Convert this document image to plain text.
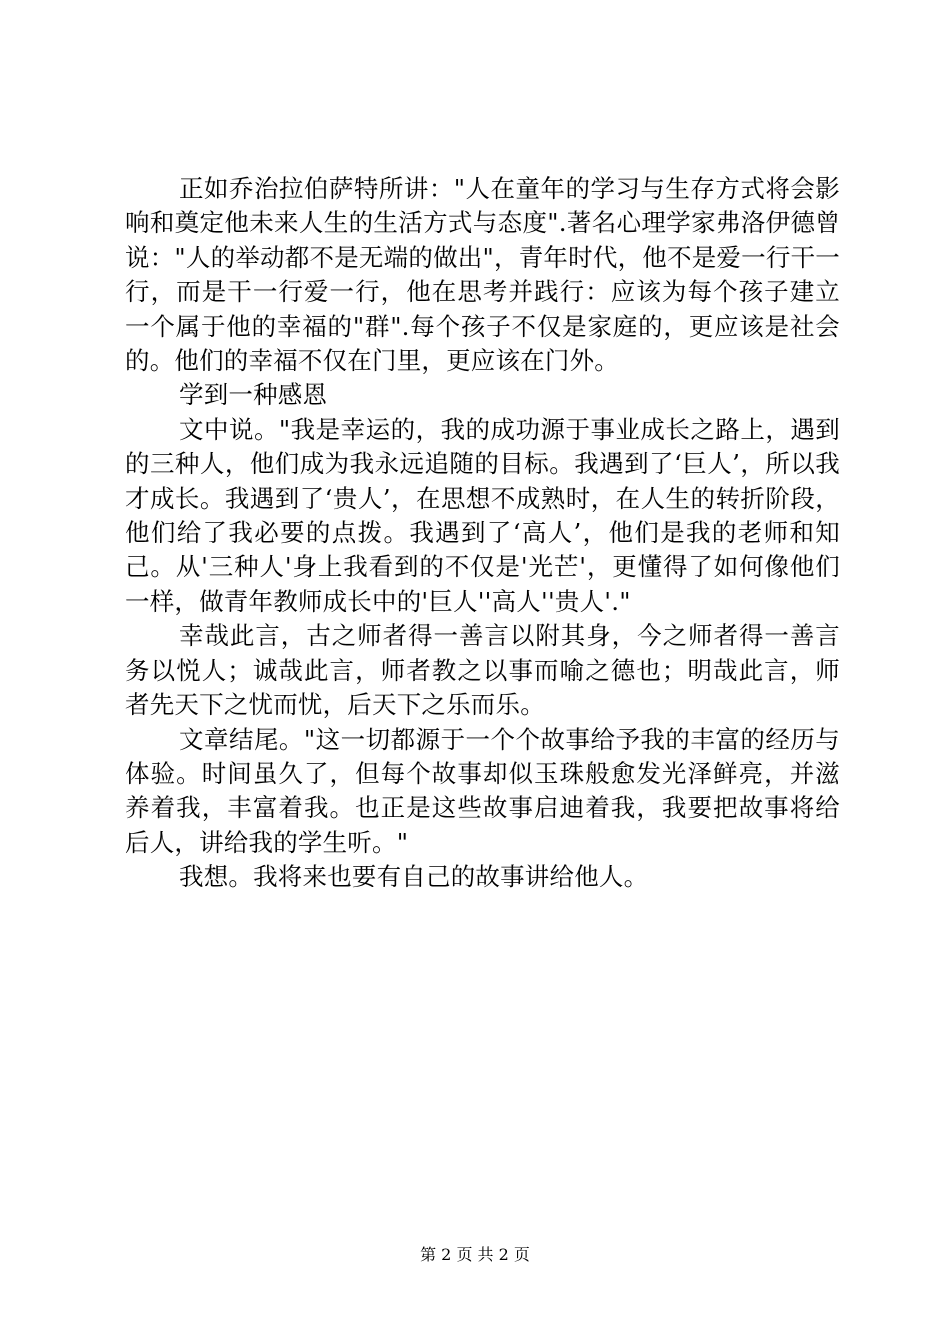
正如乔治拉伯萨特所讲："人在童年的学习与生存方式将会影响和奠定他未来人生的生活方式与态度".著名心理学家弗洛伊德曾说："人的举动都不是无端的做出"，青年时代，他不是爱一行干一行，而是干一行爱一行，他在思考并践行：应该为每个孩子建立一个属于他的幸福的"群".每个孩子不仅是家庭的，更应该是社会的。他们的幸福不仅在门里，更应该在门外。

学到一种感恩

文中说。"我是幸运的，我的成功源于事业成长之路上，遇到的三种人，他们成为我永远追随的目标。我遇到了‘巨人’，所以我才成长。我遇到了‘贵人’，在思想不成熟时，在人生的转折阶段，他们给了我必要的点拨。我遇到了‘高人’，他们是我的老师和知己。从'三种人'身上我看到的不仅是'光芒'，更懂得了如何像他们一样，做青年教师成长中的'巨人''高人''贵人'."

幸哉此言，古之师者得一善言以附其身，今之师者得一善言务以悦人；诚哉此言，师者教之以事而喻之德也；明哉此言，师者先天下之忧而忧，后天下之乐而乐。

文章结尾。"这一切都源于一个个故事给予我的丰富的经历与体验。时间虽久了，但每个故事却似玉珠般愈发光泽鲜亮，并滋养着我，丰富着我。也正是这些故事启迪着我，我要把故事将给后人，讲给我的学生听。"

我想。我将来也要有自己的故事讲给他人。

第 2 页 共 2 页
